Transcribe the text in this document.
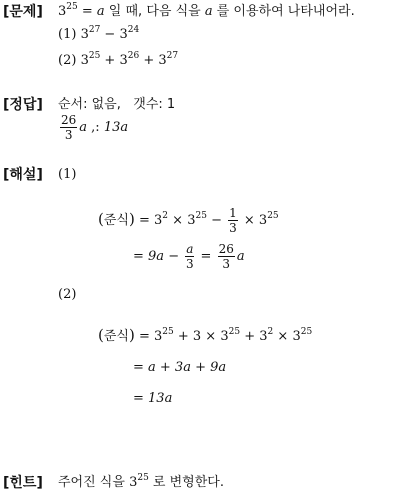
[문제] $3^{25} = a$ 일 때, 다음 식을 a 를 이용하여 나타내어라.
(1) $3^{27} - 3^{24}$
(2) $3^{25} + 3^{26} + 3^{27}$
[정답] 순서: 없음, 갯수: 1
$\frac{26}{3}$ a ,: 13a
[해설] (1)
(준식) = $3^2 \times 3^{25} - \frac{1}{3} \times 3^{25}$
= $9a - \frac{a}{3} = \frac{26}{3}$ a
(2)
(준식) = $3^{25} + 3 \times 3^{25} + 3^2 \times 3^{25}$
= a + 3a + 9a
= 13a
[힌트] 주어진 식을 $3^{25}$ 로 변형한다.
